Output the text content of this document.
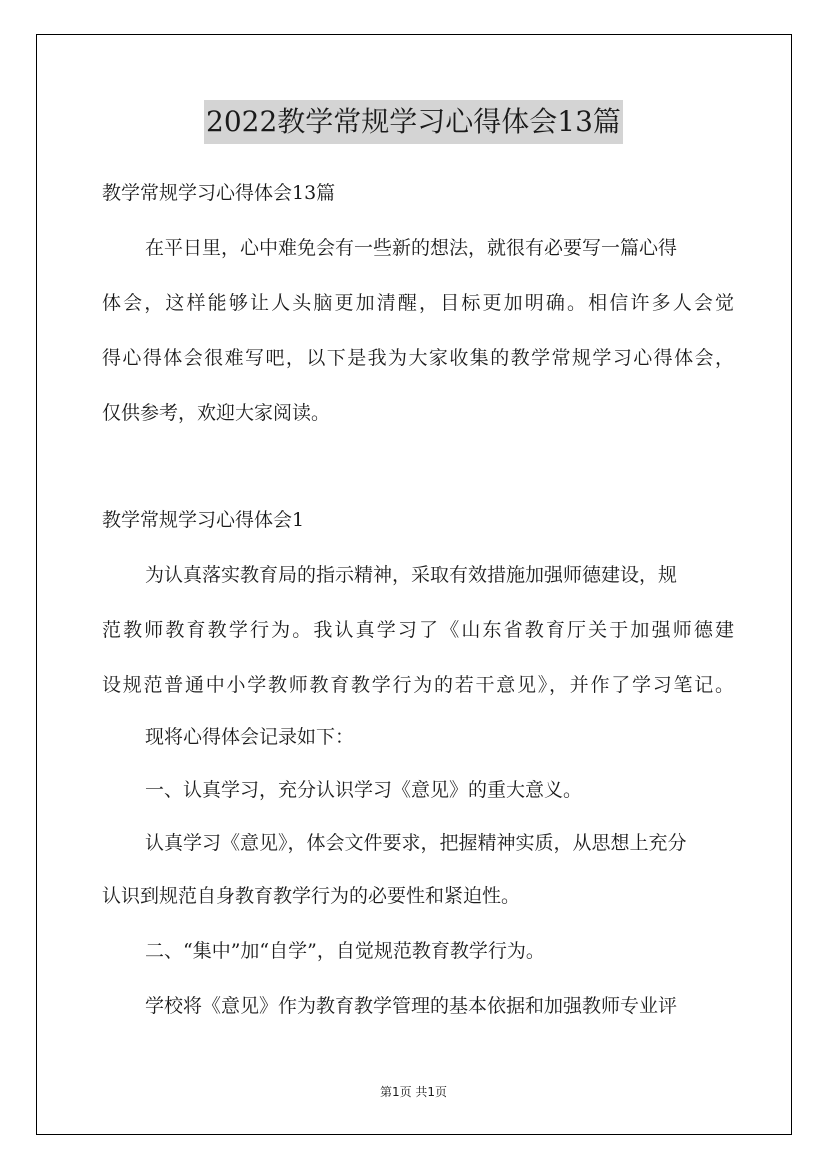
2022教学常规学习心得体会13篇
教学常规学习心得体会13篇
在平日里，心中难免会有一些新的想法，就很有必要写一篇心得
体会，这样能够让人头脑更加清醒，目标更加明确。相信许多人会觉
得心得体会很难写吧，以下是我为大家收集的教学常规学习心得体会，
仅供参考，欢迎大家阅读。
教学常规学习心得体会1
为认真落实教育局的指示精神，采取有效措施加强师德建设，规
范教师教育教学行为。我认真学习了《山东省教育厅关于加强师德建
设规范普通中小学教师教育教学行为的若干意见》，并作了学习笔记。
现将心得体会记录如下：
一、认真学习，充分认识学习《意见》的重大意义。
认真学习《意见》，体会文件要求，把握精神实质，从思想上充分
认识到规范自身教育教学行为的必要性和紧迫性。
二、“集中”加“自学”，自觉规范教育教学行为。
学校将《意见》作为教育教学管理的基本依据和加强教师专业评
第1页 共1页
